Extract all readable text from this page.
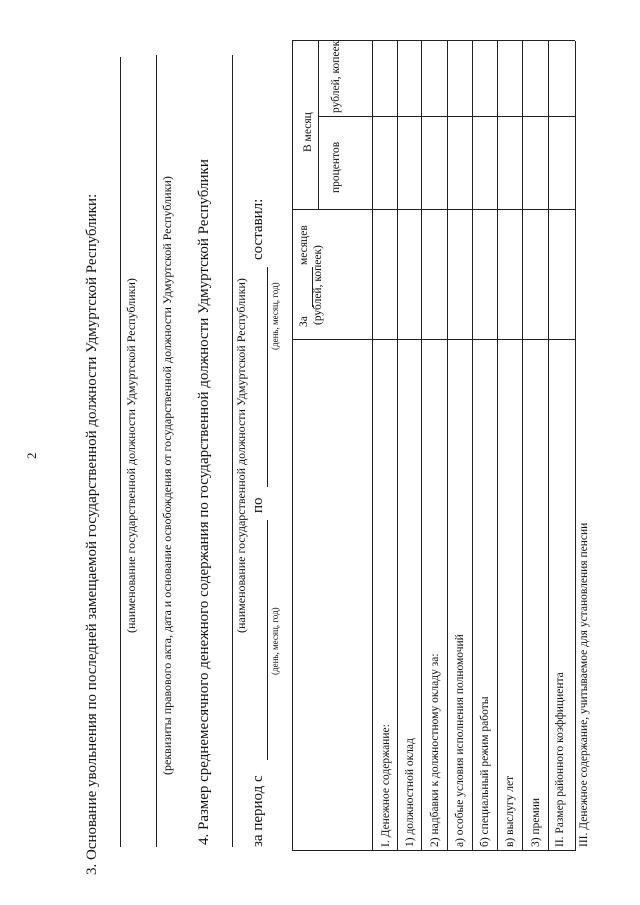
2	3. Основание увольнения по последней замещаемой государственной должности Удмуртской Республики: (наименование государственной должности Удмуртской Республики) (реквизиты правового акта, дата и основание освобождения от государственной должности Удмуртской Республики) 4. Размер среднемесячного денежного содержания по государственной должности Удмуртской Республики (наименование государственной должности Удмуртской Республики)
за период с
по
составил:
(день, месяц, год)
(день, месяц, год) За
месяцев
(рублей, копеек)
В месяц
процентов
рублей, копеек
I. Денежное содержание: 1) должностной оклад 2) надбавки к должностному окладу за: а) особые условия исполнения полномочий б) специальный режим работы в) выслугу лет 3) премии II. Размер районного коэффициента III. Денежное содержание, учитываемое для установления пенсии
